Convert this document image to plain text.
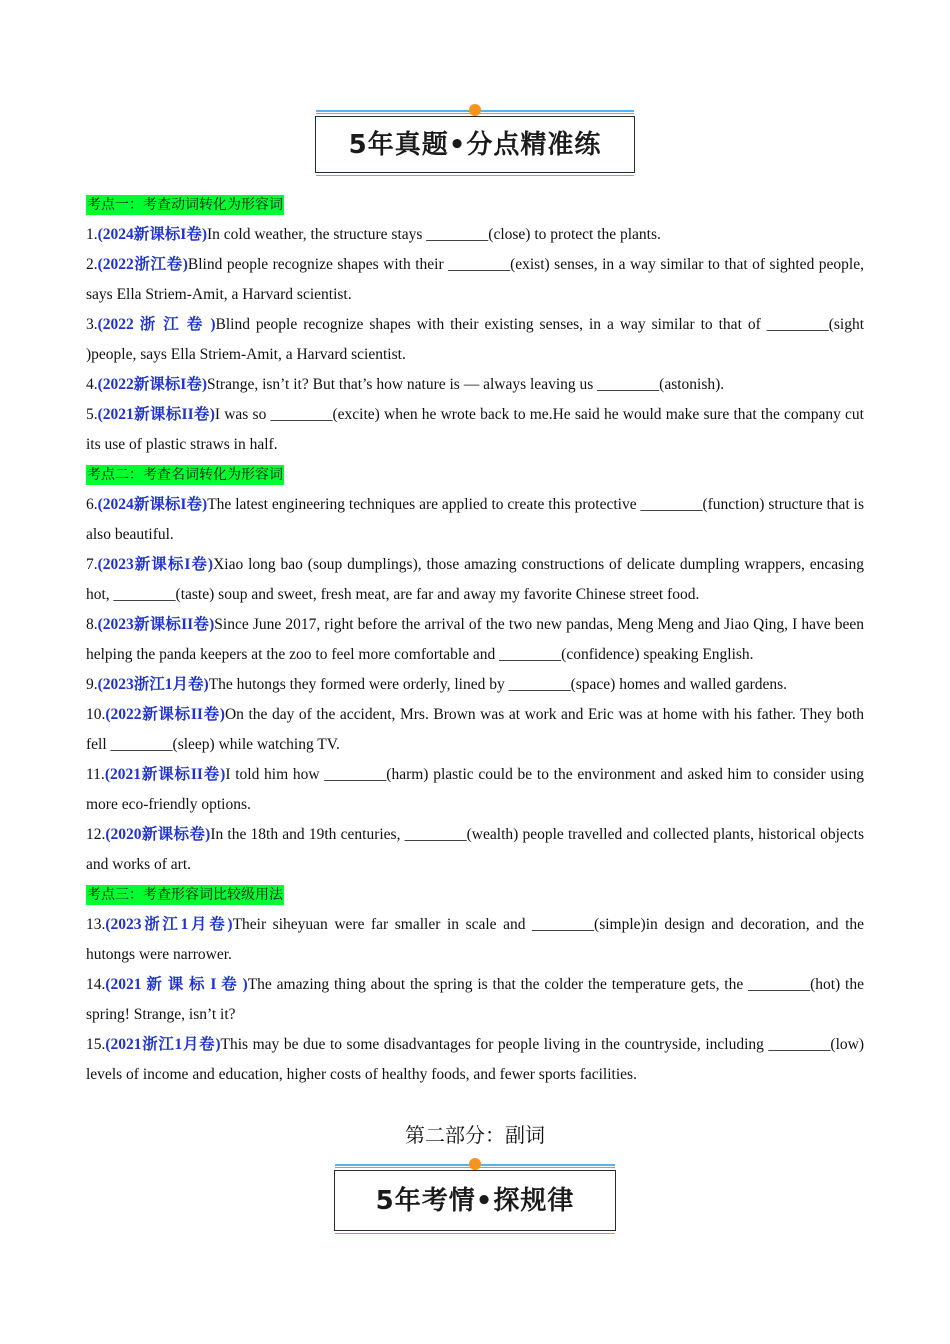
5年真题•分点精准练
考点一：考查动词转化为形容词

1.(2024新课标I卷)In cold weather, the structure stays ________(close) to protect the plants.

2.(2022浙江卷)Blind people recognize shapes with their ________(exist) senses, in a way similar to that of sighted people, says Ella Striem-Amit, a Harvard scientist.

3.(2022 浙 江 卷 )Blind people recognize shapes with their existing senses, in a way similar to that of ________(sight )people, says Ella Striem-Amit, a Harvard scientist.

4.(2022新课标I卷)Strange, isn’t it? But that’s how nature is — always leaving us ________(astonish).

5.(2021新课标II卷)I was so ________(excite) when he wrote back to me.He said he would make sure that the company cut its use of plastic straws in half.

考点二：考查名词转化为形容词

6.(2024新课标I卷)The latest engineering techniques are applied to create this protective ________(function) structure that is also beautiful.

7.(2023新课标I卷)Xiao long bao (soup dumplings), those amazing constructions of delicate dumpling wrappers, encasing hot, ________(taste) soup and sweet, fresh meat, are far and away my favorite Chinese street food.

8.(2023新课标II卷)Since June 2017, right before the arrival of the two new pandas, Meng Meng and Jiao Qing, I have been helping the panda keepers at the zoo to feel more comfortable and ________(confidence) speaking English.

9.(2023浙江1月卷)The hutongs they formed were orderly, lined by ________(space) homes and walled gardens.

10.(2022新课标II卷)On the day of the accident, Mrs. Brown was at work and Eric was at home with his father. They both fell ________(sleep) while watching TV.

11.(2021新课标II卷)I told him how ________(harm) plastic could be to the environment and asked him to consider using more eco-friendly options.

12.(2020新课标卷)In the 18th and 19th centuries, ________(wealth) people travelled and collected plants, historical objects and works of art.

考点三：考查形容词比较级用法

13.(2023浙江1月卷)Their siheyuan were far smaller in scale and ________(simple)in design and decoration, and the hutongs were narrower.

14.(2021 新 课 标 I 卷 )The amazing thing about the spring is that the colder the temperature gets, the ________(hot) the spring! Strange, isn’t it?

15.(2021浙江1月卷)This may be due to some disadvantages for people living in the countryside, including ________(low) levels of income and education, higher costs of healthy foods, and fewer sports facilities.

第二部分：副词
5年考情•探规律
